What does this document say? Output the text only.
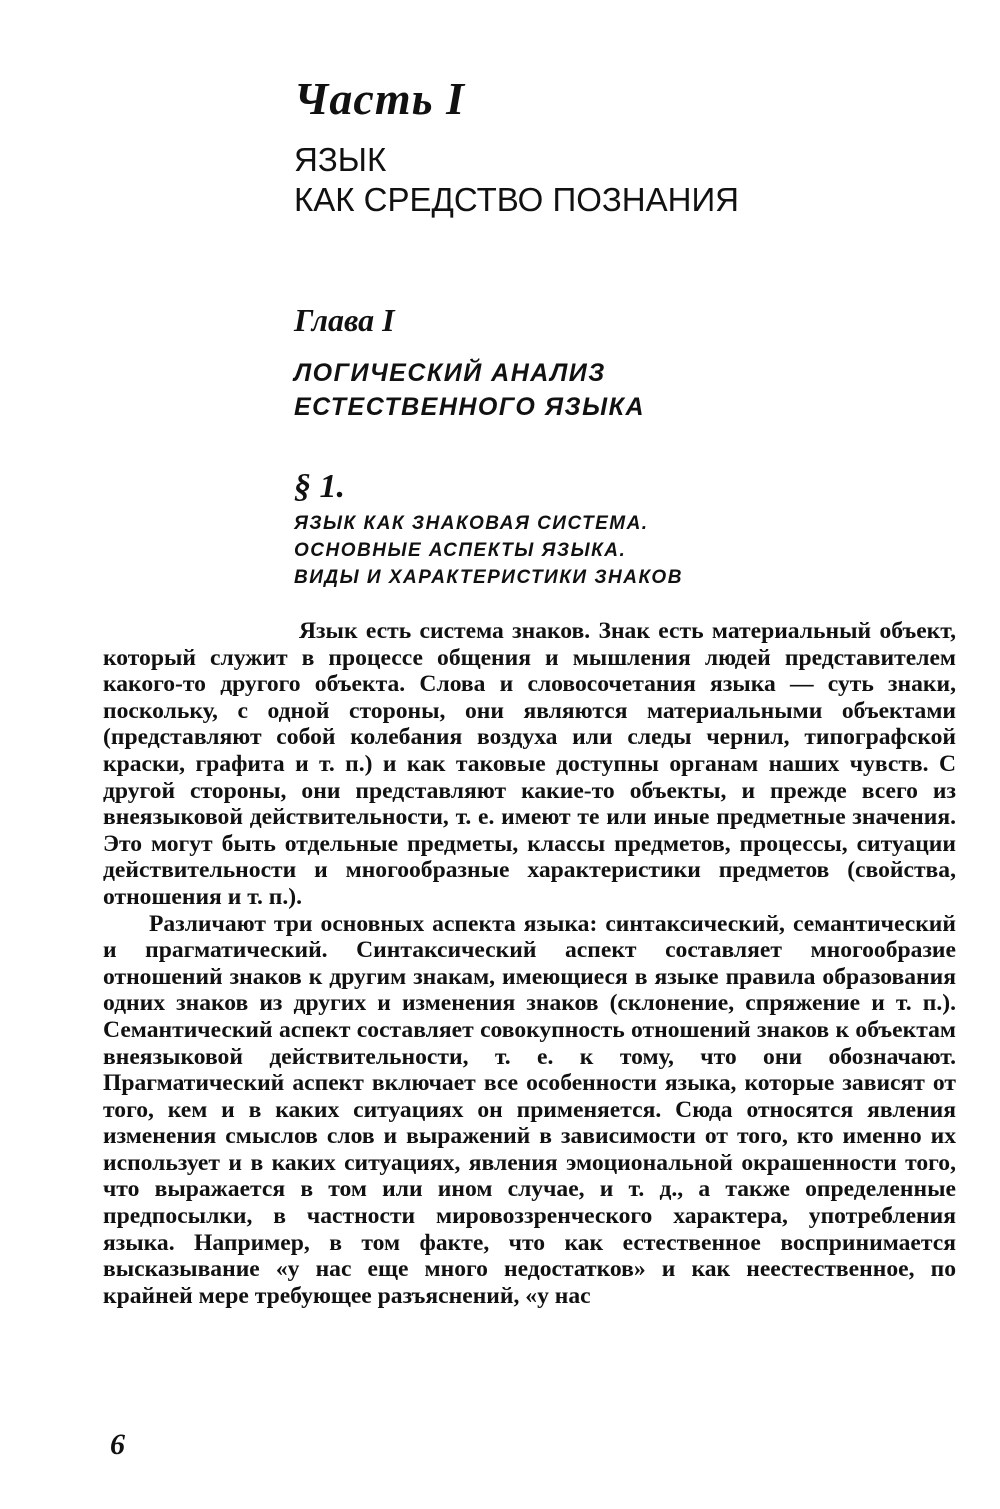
Часть I
ЯЗЫК
КАК СРЕДСТВО ПОЗНАНИЯ
Глава I
ЛОГИЧЕСКИЙ АНАЛИЗ
ЕСТЕСТВЕННОГО ЯЗЫКА
§ 1.
ЯЗЫК КАК ЗНАКОВАЯ СИСТЕМА.
ОСНОВНЫЕ АСПЕКТЫ ЯЗЫКА.
ВИДЫ И ХАРАКТЕРИСТИКИ ЗНАКОВ

Язык есть система знаков. Знак есть материальный объект, который служит в процессе общения и мышления людей представителем какого-то другого объекта. Слова и словосочетания языка — суть знаки, поскольку, с одной стороны, они являются материальными объектами (представляют собой колебания воздуха или следы чернил, типографской краски, графита и т. п.) и как таковые доступны органам наших чувств. С другой стороны, они представляют какие-то объекты, и прежде всего из внеязыковой действительности, т. е. имеют те или иные предметные значения. Это могут быть отдельные предметы, классы предметов, процессы, ситуации действительности и многообразные характеристики предметов (свойства, отношения и т. п.).

Различают три основных аспекта языка: синтаксический, семантический и прагматический. Синтаксический аспект составляет многообразие отношений знаков к другим знакам, имеющиеся в языке правила образования одних знаков из других и изменения знаков (склонение, спряжение и т. п.). Семантический аспект составляет совокупность отношений знаков к объектам внеязыковой действительности, т. е. к тому, что они обозначают. Прагматический аспект включает все особенности языка, которые зависят от того, кем и в каких ситуациях он применяется. Сюда относятся явления изменения смыслов слов и выражений в зависимости от того, кто именно их использует и в каких ситуациях, явления эмоциональной окрашенности того, что выражается в том или ином случае, и т. д., а также определенные предпосылки, в частности мировоззренческого характера, употребления языка. Например, в том факте, что как естественное воспринимается высказывание «у нас еще много недостатков» и как неестественное, по крайней мере требующее разъяснений, «у нас

6
